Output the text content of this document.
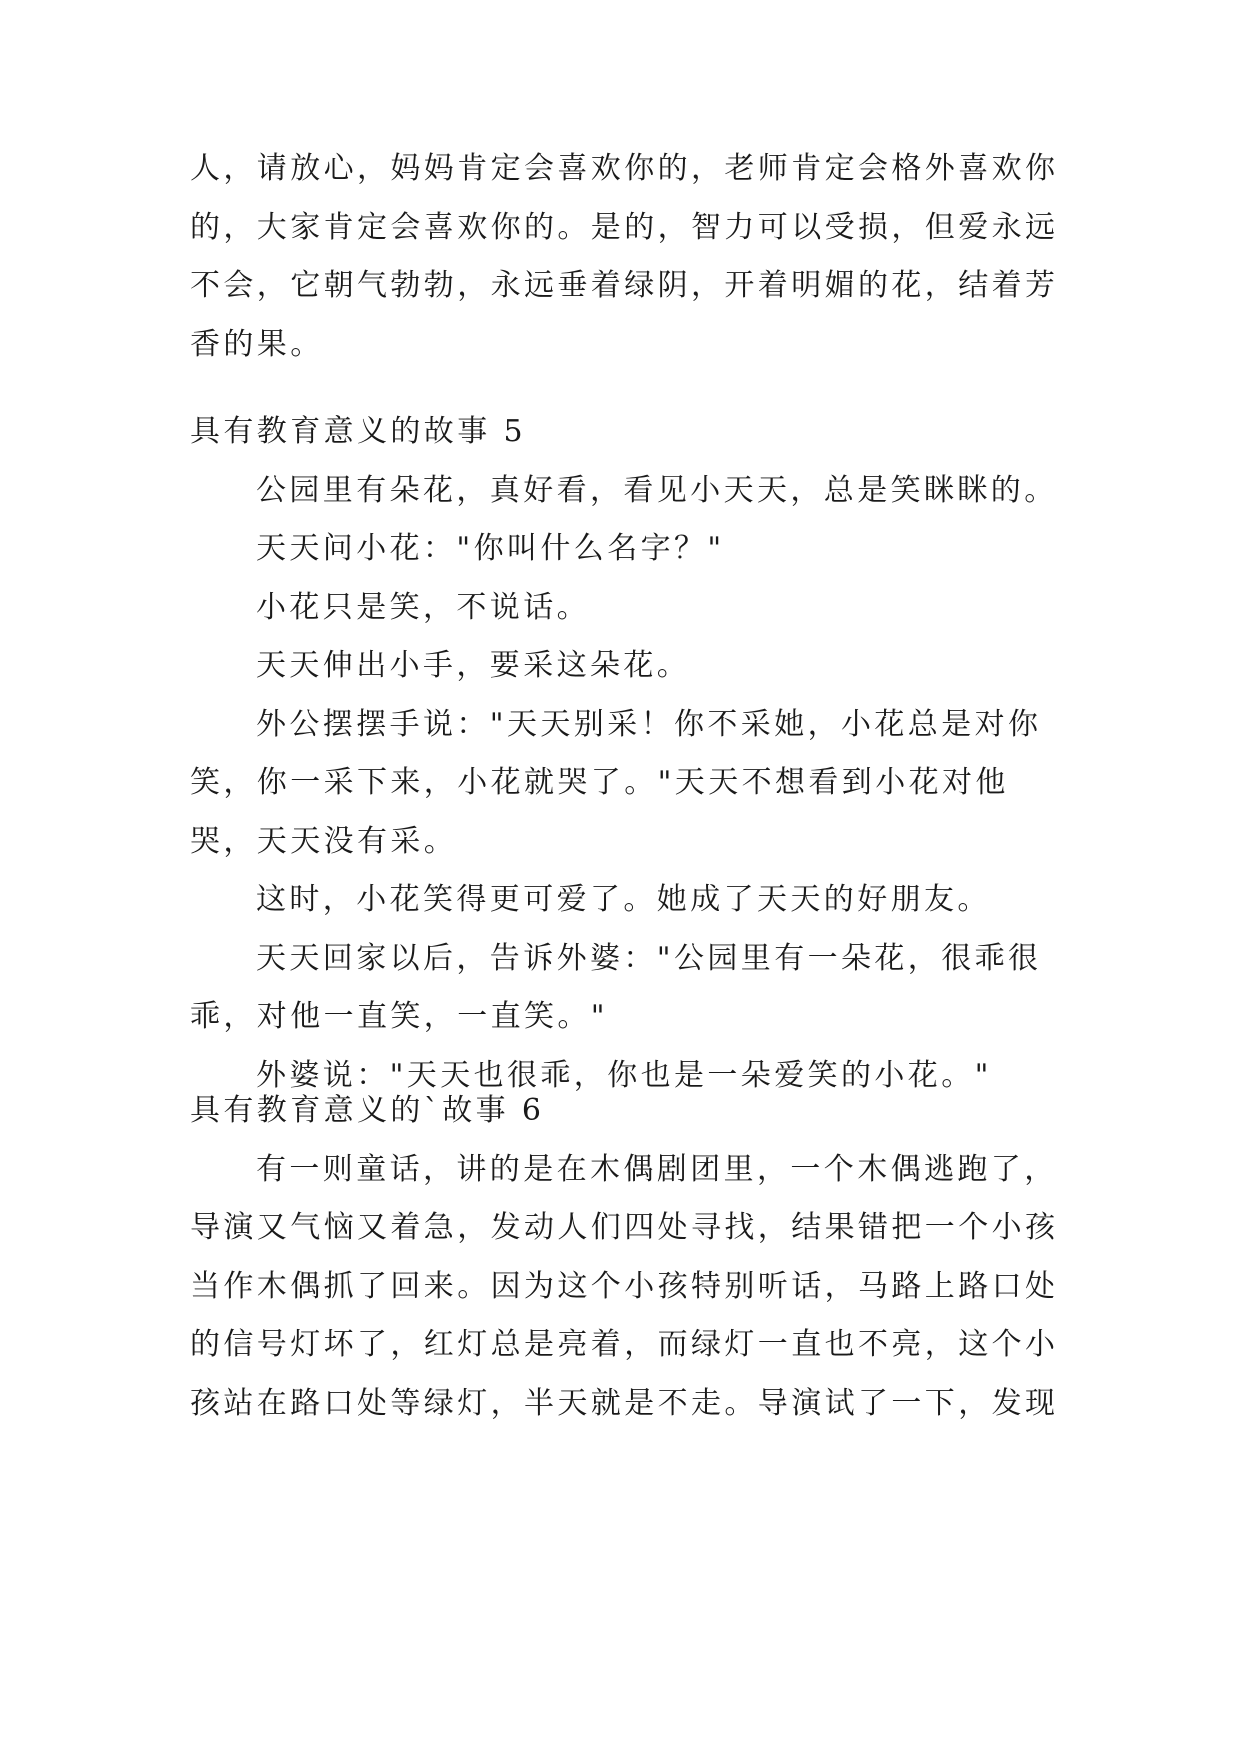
人，请放心，妈妈肯定会喜欢你的，老师肯定会格外喜欢你的，大家肯定会喜欢你的。是的，智力可以受损，但爱永远不会，它朝气勃勃，永远垂着绿阴，开着明媚的花，结着芳香的果。

具有教育意义的故事 5

公园里有朵花，真好看，看见小天天，总是笑眯眯的。

天天问小花："你叫什么名字？"

小花只是笑，不说话。

天天伸出小手，要采这朵花。

外公摆摆手说："天天别采！你不采她，小花总是对你笑，你一采下来，小花就哭了。"天天不想看到小花对他哭，天天没有采。

这时，小花笑得更可爱了。她成了天天的好朋友。

天天回家以后，告诉外婆："公园里有一朵花，很乖很乖，对他一直笑，一直笑。"

外婆说："天天也很乖，你也是一朵爱笑的小花。"

具有教育意义的`故事 6

有一则童话，讲的是在木偶剧团里，一个木偶逃跑了，导演又气恼又着急，发动人们四处寻找，结果错把一个小孩当作木偶抓了回来。因为这个小孩特别听话，马路上路口处的信号灯坏了，红灯总是亮着，而绿灯一直也不亮，这个小孩站在路口处等绿灯，半天就是不走。导演试了一下，发现
